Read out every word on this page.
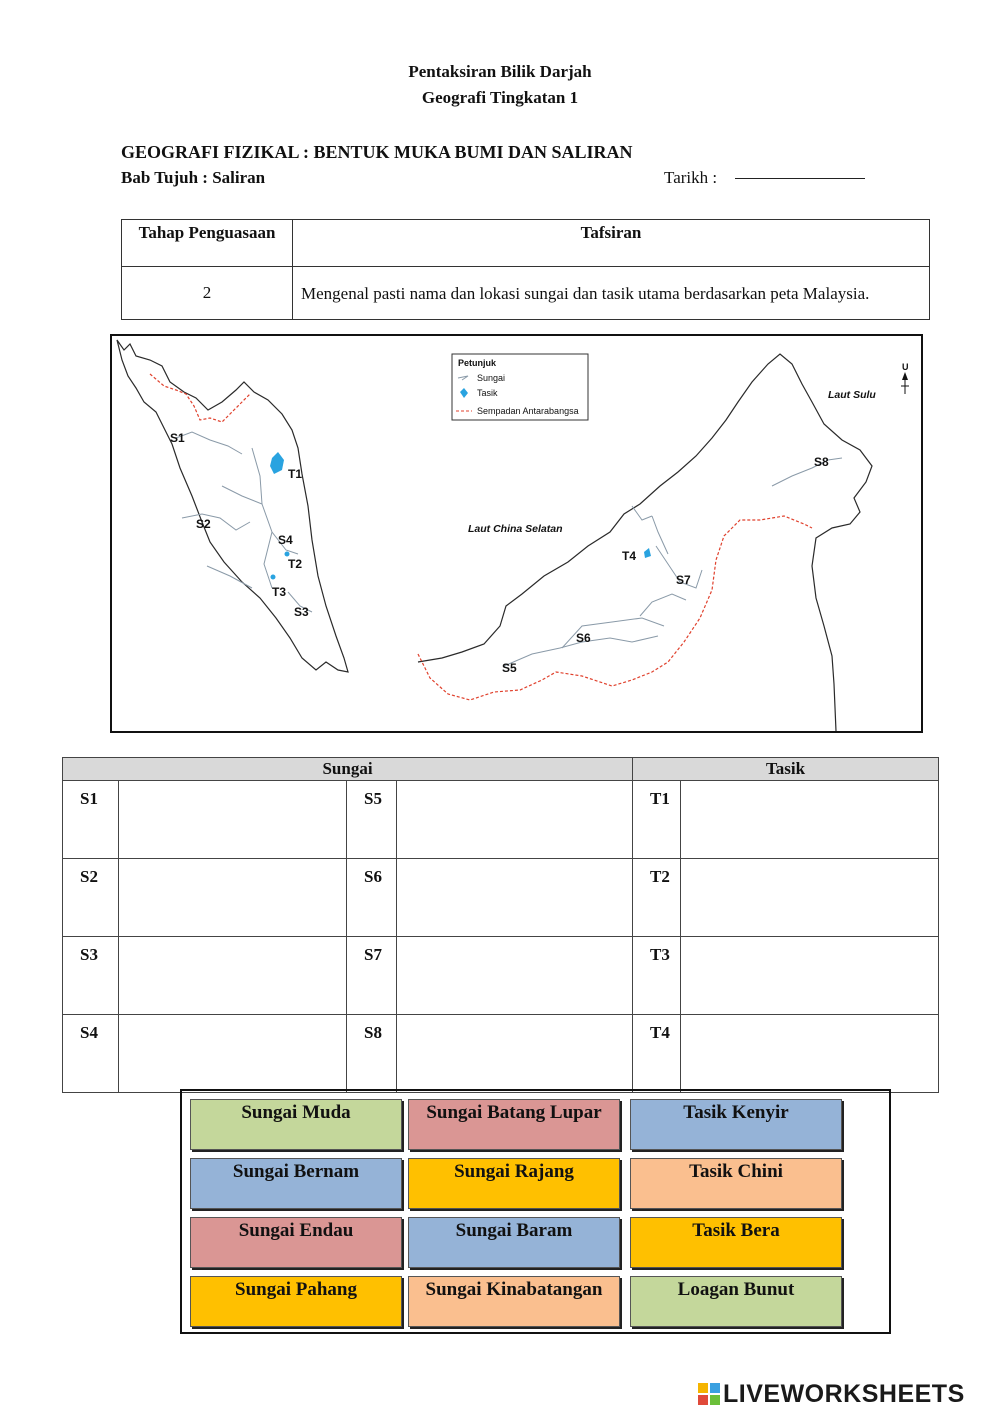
Pentaksiran Bilik Darjah
Geografi Tingkatan 1
GEOGRAFI FIZIKAL : BENTUK MUKA BUMI DAN SALIRAN
Bab Tujuh : Saliran	Tarikh :
Tahap Penguasaan	Tafsiran
2	Mengenal pasti nama dan lokasi sungai dan tasik utama berdasarkan peta Malaysia.
S1
S2
S3
S4
S5
S6
S7
S8
T1
T2
T3
T4
Laut China Selatan
Laut Sulu
U
Petunjuk
Sungai
Tasik
Sempadan Antarabangsa
Sungai				Tasik	
S1		S5		T1	
S2		S6		T2	
S3		S7		T3	
S4		S8		T4	
Sungai Muda	Sungai Batang Lupar	Tasik Kenyir
Sungai Bernam	Sungai Rajang	Tasik Chini
Sungai Endau	Sungai Baram	Tasik Bera
Sungai Pahang	Sungai Kinabatangan	Loagan Bunut
LIVEWORKSHEETS
